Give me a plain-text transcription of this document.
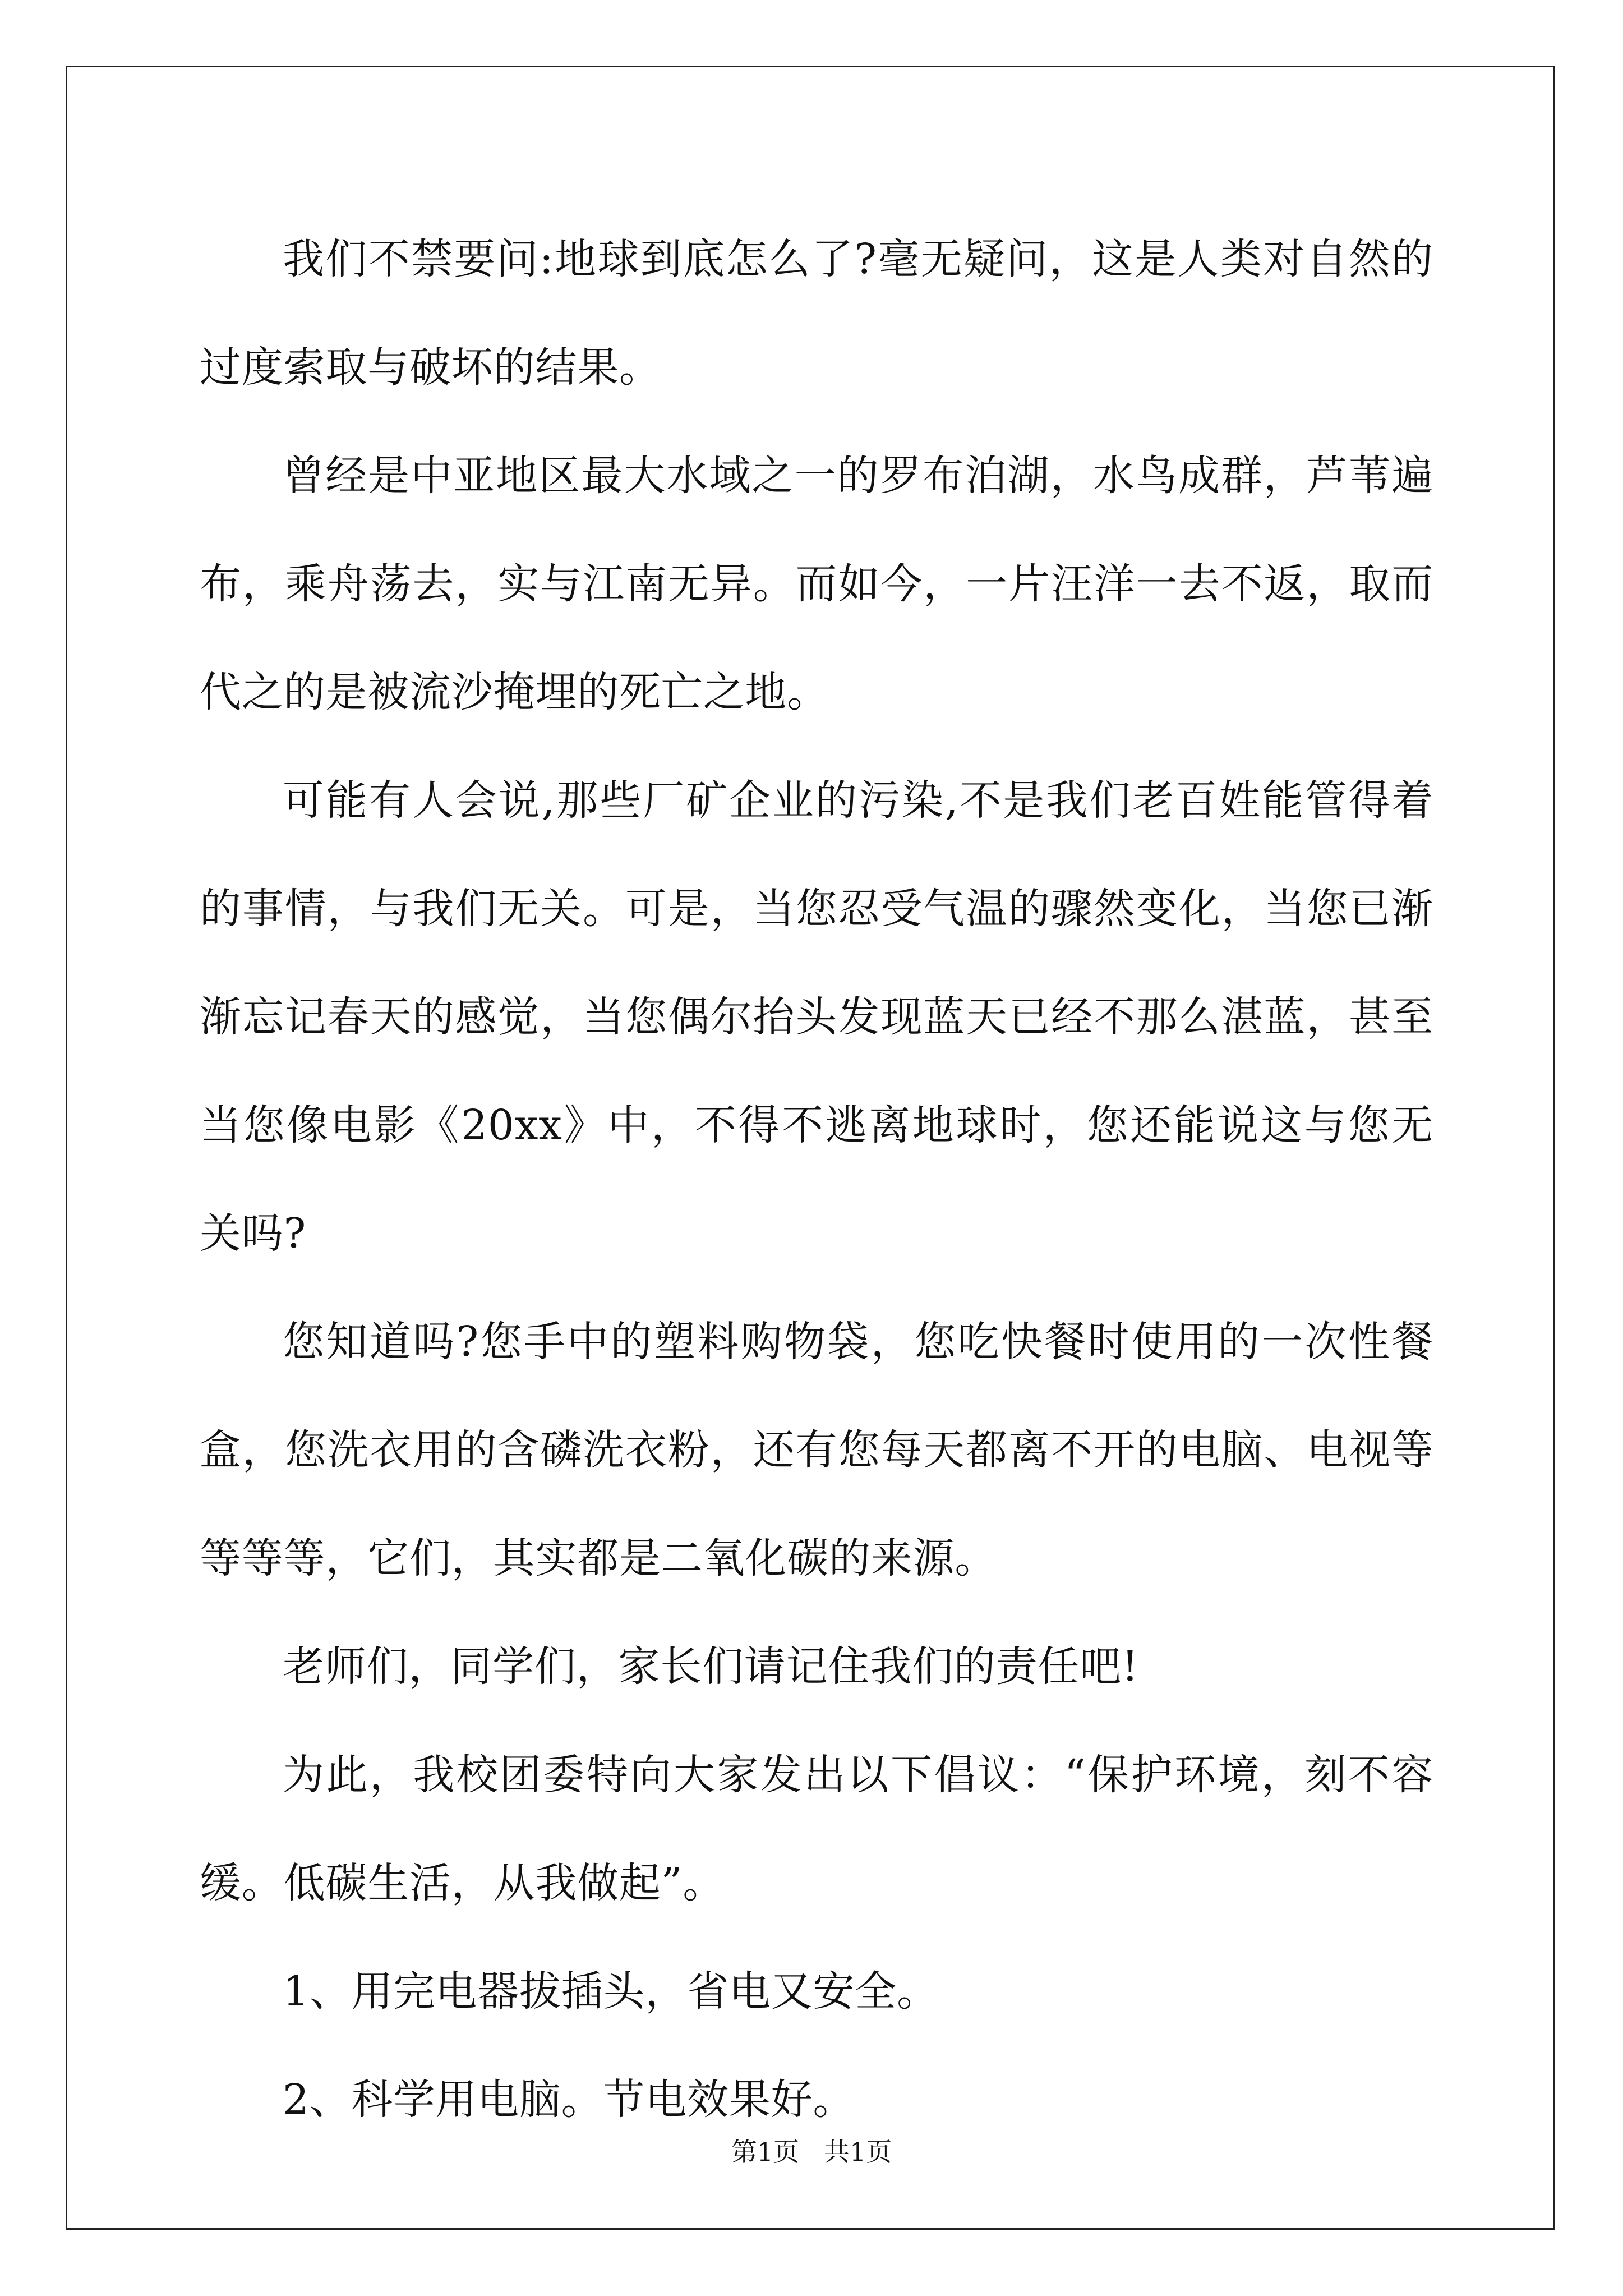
我们不禁要问:地球到底怎么了?毫无疑问，这是人类对自然的过度索取与破坏的结果。

曾经是中亚地区最大水域之一的罗布泊湖，水鸟成群，芦苇遍布，乘舟荡去，实与江南无异。而如今，一片汪洋一去不返，取而代之的是被流沙掩埋的死亡之地。

可能有人会说,那些厂矿企业的污染,不是我们老百姓能管得着的事情，与我们无关。可是，当您忍受气温的骤然变化，当您已渐渐忘记春天的感觉，当您偶尔抬头发现蓝天已经不那么湛蓝，甚至当您像电影《20xx》中，不得不逃离地球时，您还能说这与您无关吗?

您知道吗?您手中的塑料购物袋，您吃快餐时使用的一次性餐盒，您洗衣用的含磷洗衣粉，还有您每天都离不开的电脑、电视等等等等，它们，其实都是二氧化碳的来源。

老师们，同学们，家长们请记住我们的责任吧!

为此，我校团委特向大家发出以下倡议：“保护环境，刻不容缓。低碳生活，从我做起”。

1、用完电器拔插头，省电又安全。

2、科学用电脑。节电效果好。

第1页 共1页
